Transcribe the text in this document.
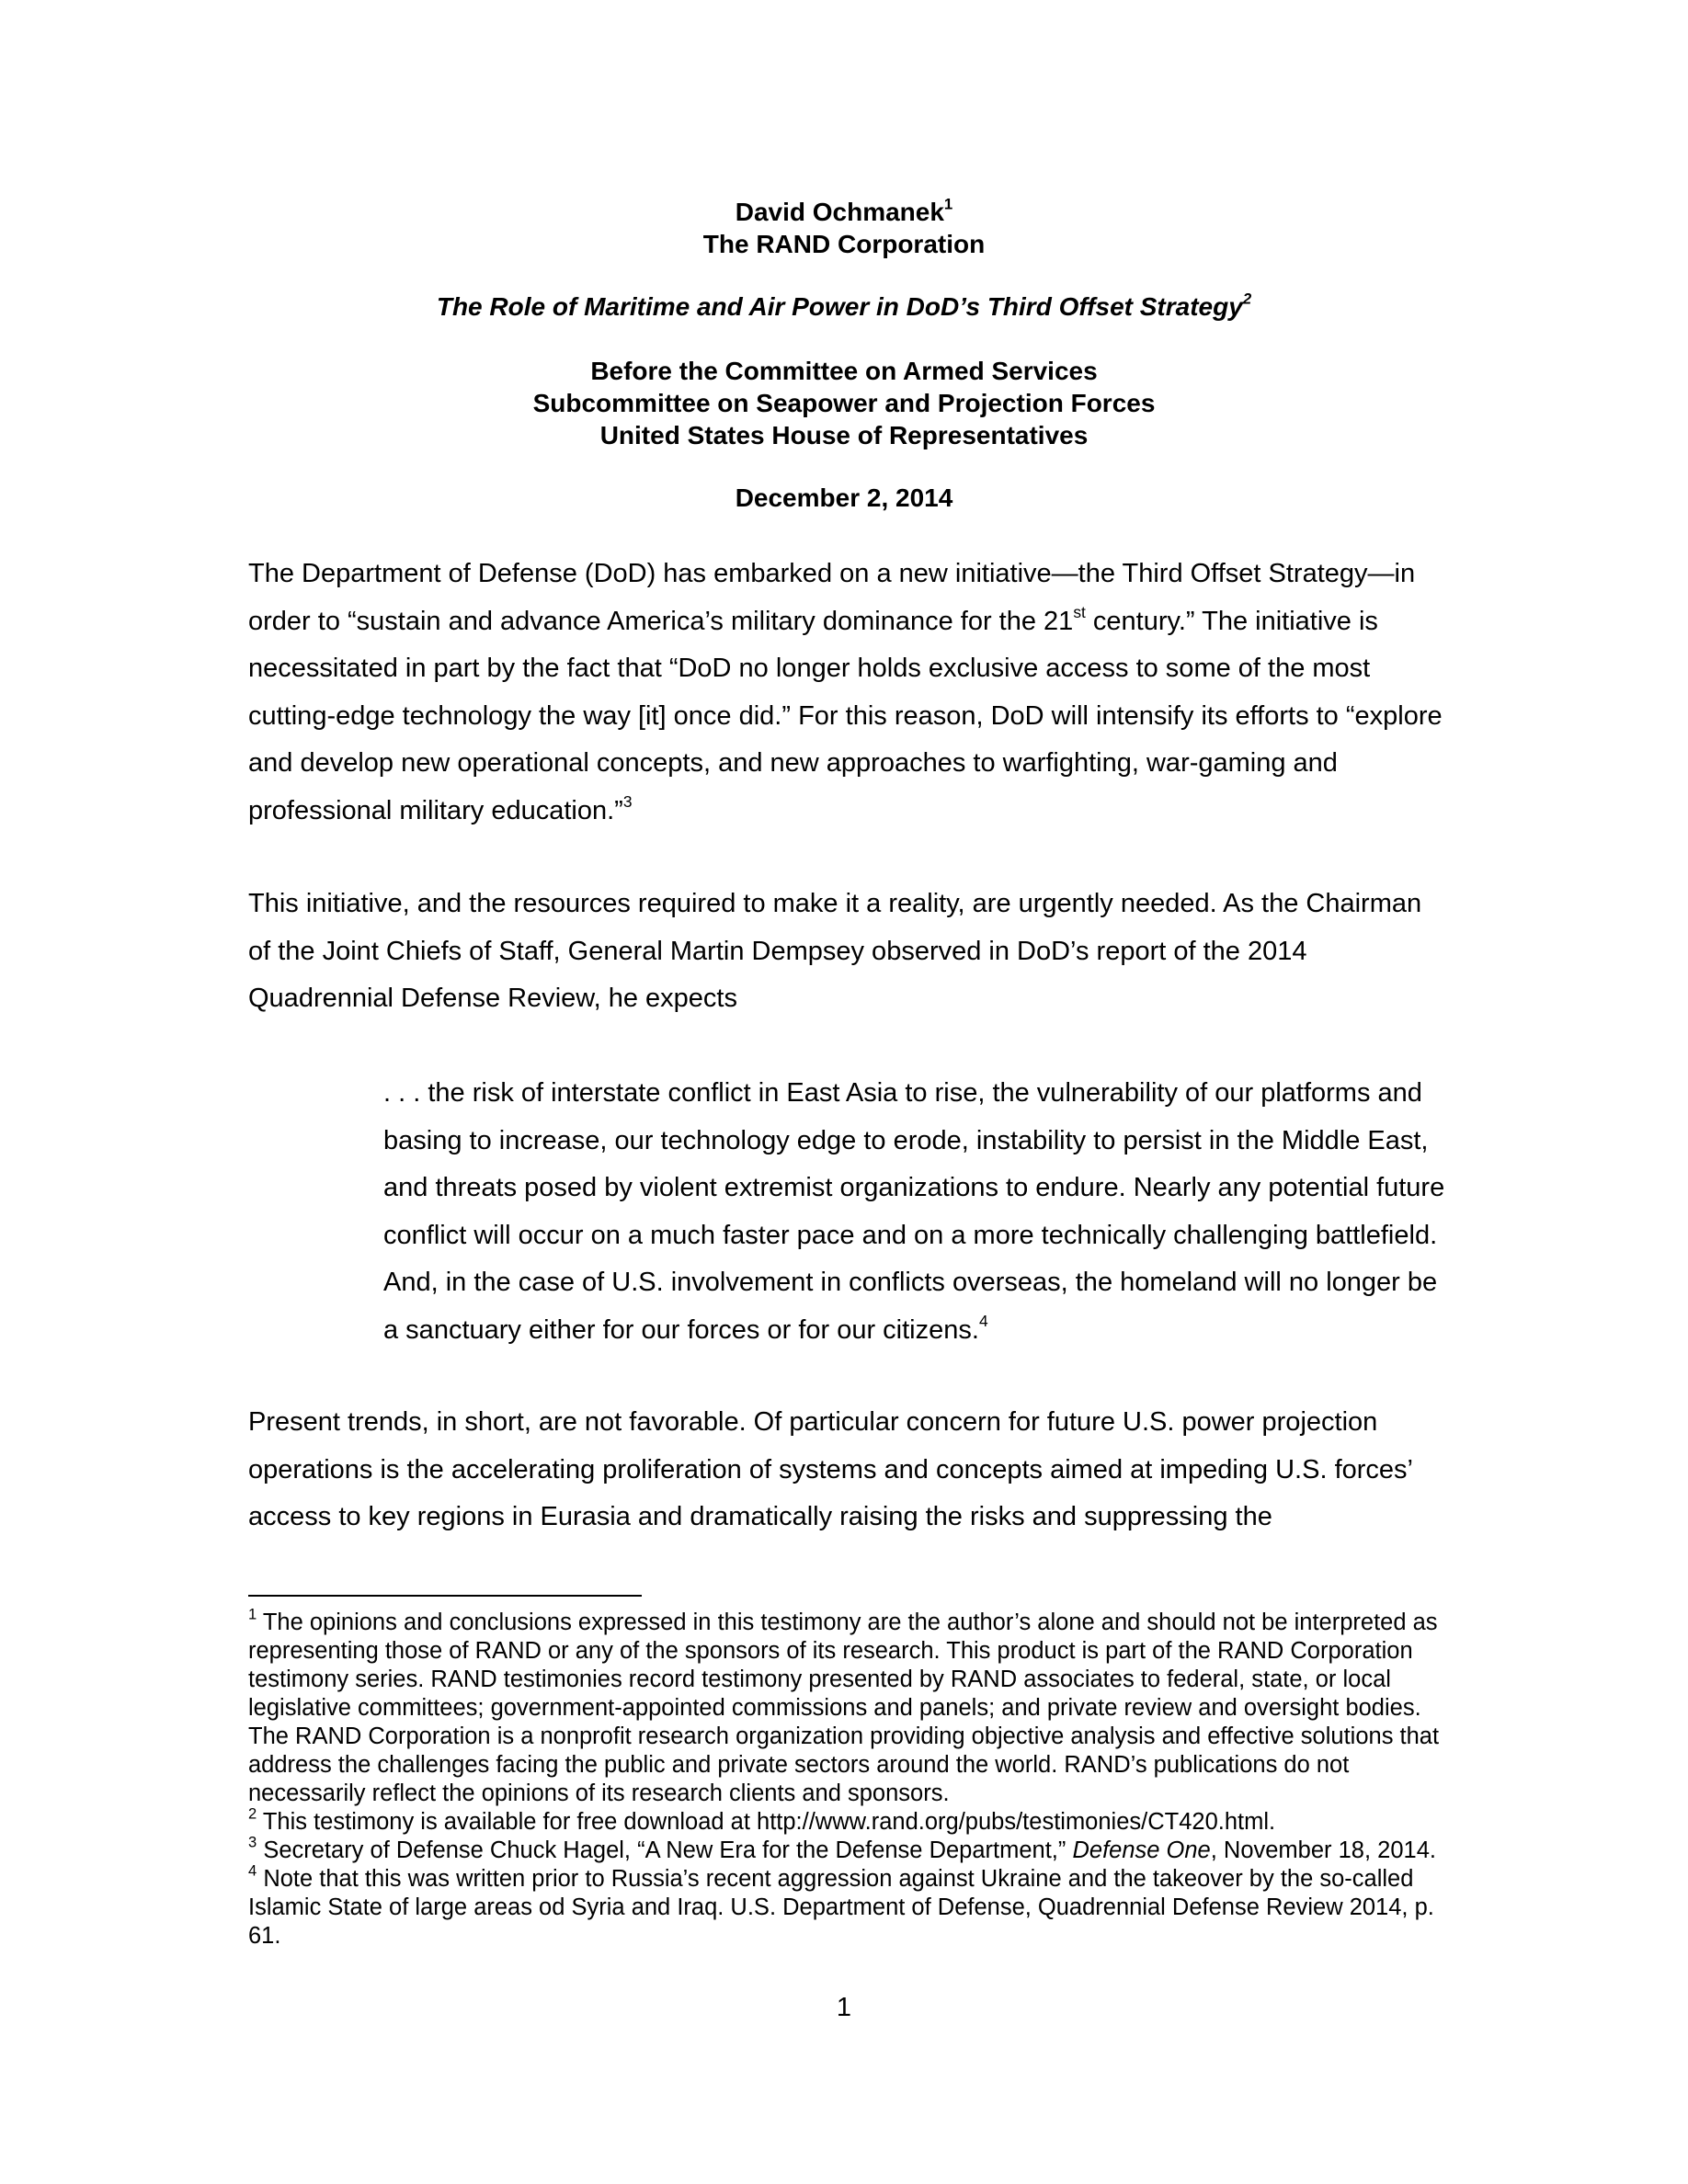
David Ochmanek$^1$
The RAND Corporation
The Role of Maritime and Air Power in DoD’s Third Offset Strategy$^2$
Before the Committee on Armed Services
Subcommittee on Seapower and Projection Forces
United States House of Representatives
December 2, 2014

The Department of Defense (DoD) has embarked on a new initiative—the Third Offset Strategy—in order to “sustain and advance America’s military dominance for the 21st century.” The initiative is necessitated in part by the fact that “DoD no longer holds exclusive access to some of the most cutting-edge technology the way [it] once did.” For this reason, DoD will intensify its efforts to “explore and develop new operational concepts, and new approaches to warfighting, war-gaming and professional military education.”$^3$

This initiative, and the resources required to make it a reality, are urgently needed. As the Chairman of the Joint Chiefs of Staff, General Martin Dempsey observed in DoD’s report of the 2014 Quadrennial Defense Review, he expects

. . . the risk of interstate conflict in East Asia to rise, the vulnerability of our platforms and basing to increase, our technology edge to erode, instability to persist in the Middle East, and threats posed by violent extremist organizations to endure. Nearly any potential future conflict will occur on a much faster pace and on a more technically challenging battlefield. And, in the case of U.S. involvement in conflicts overseas, the homeland will no longer be a sanctuary either for our forces or for our citizens.$^4$

Present trends, in short, are not favorable. Of particular concern for future U.S. power projection operations is the accelerating proliferation of systems and concepts aimed at impeding U.S. forces’ access to key regions in Eurasia and dramatically raising the risks and suppressing the

$^1$ The opinions and conclusions expressed in this testimony are the author’s alone and should not be interpreted as representing those of RAND or any of the sponsors of its research. This product is part of the RAND Corporation testimony series. RAND testimonies record testimony presented by RAND associates to federal, state, or local legislative committees; government-appointed commissions and panels; and private review and oversight bodies. The RAND Corporation is a nonprofit research organization providing objective analysis and effective solutions that address the challenges facing the public and private sectors around the world. RAND’s publications do not necessarily reflect the opinions of its research clients and sponsors.

$^2$ This testimony is available for free download at http://www.rand.org/pubs/testimonies/CT420.html.

$^3$ Secretary of Defense Chuck Hagel, “A New Era for the Defense Department,” Defense One, November 18, 2014.

$^4$ Note that this was written prior to Russia’s recent aggression against Ukraine and the takeover by the so-called Islamic State of large areas od Syria and Iraq. U.S. Department of Defense, Quadrennial Defense Review 2014, p. 61.

1
